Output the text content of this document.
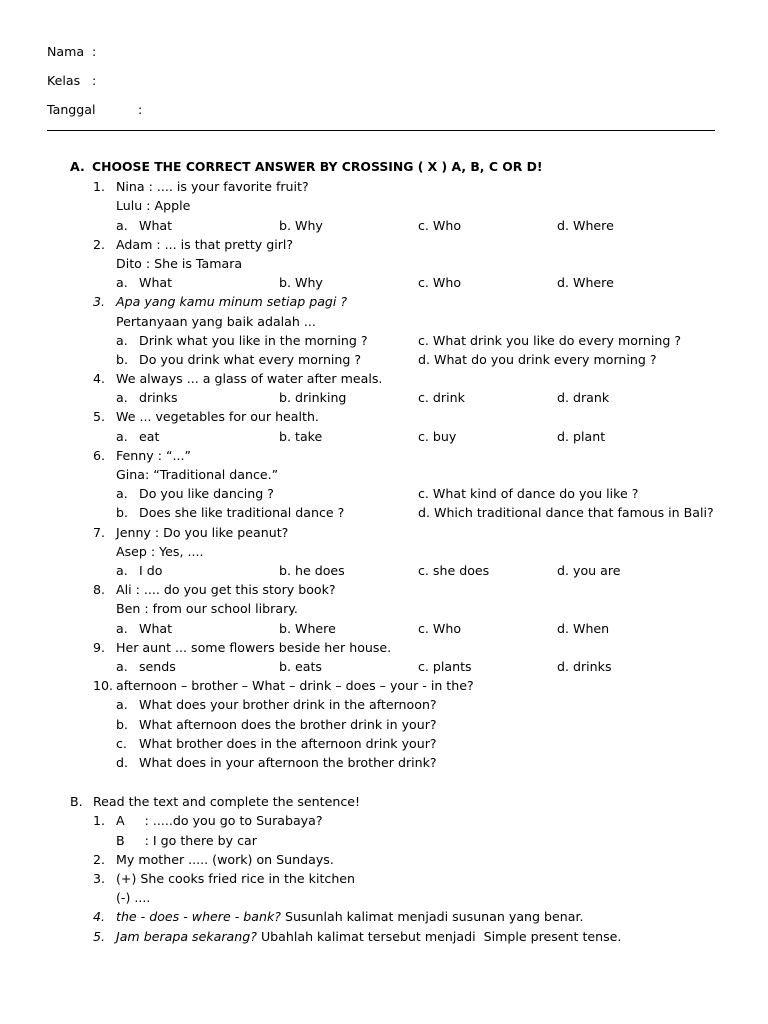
Nama :
Kelas :
Tanggal	:
A. CHOOSE THE CORRECT ANSWER BY CROSSING ( X ) A, B, C OR D!
1. Nina : .... is your favorite fruit?
Lulu : Apple
a. What	b. Why	c. Who	d. Where
2. Adam : ... is that pretty girl?
Dito : She is Tamara
a. What	b. Why	c. Who	d. Where
3. Apa yang kamu minum setiap pagi ?
Pertanyaan yang baik adalah ...
a. Drink what you like in the morning ?	c. What drink you like do every morning ?
b. Do you drink what every morning ?	d. What do you drink every morning ?
4. We always ... a glass of water after meals.
a. drinks	b. drinking	c. drink	d. drank
5. We ... vegetables for our health.
a. eat	b. take	c. buy	d. plant
6. Fenny : “...”
Gina: “Traditional dance.”
a. Do you like dancing ?	c. What kind of dance do you like ?
b. Does she like traditional dance ?	d. Which traditional dance that famous in Bali?
7. Jenny : Do you like peanut?
Asep : Yes, ....
a. I do	b. he does	c. she does	d. you are
8. Ali : .... do you get this story book?
Ben : from our school library.
a. What	b. Where	c. Who	d. When
9. Her aunt ... some flowers beside her house.
a. sends	b. eats	c. plants	d. drinks
10. afternoon – brother – What – drink – does – your - in the?
a. What does your brother drink in the afternoon?
b. What afternoon does the brother drink in your?
c. What brother does in the afternoon drink your?
d. What does in your afternoon the brother drink?
B. Read the text and complete the sentence!
1. A     : .....do you go to Surabaya?
B     : I go there by car
2. My mother ..... (work) on Sundays.
3. (+) She cooks fried rice in the kitchen
(-) ....
4. the - does - where - bank? Susunlah kalimat menjadi susunan yang benar.
5. Jam berapa sekarang? Ubahlah kalimat tersebut menjadi  Simple present tense.
